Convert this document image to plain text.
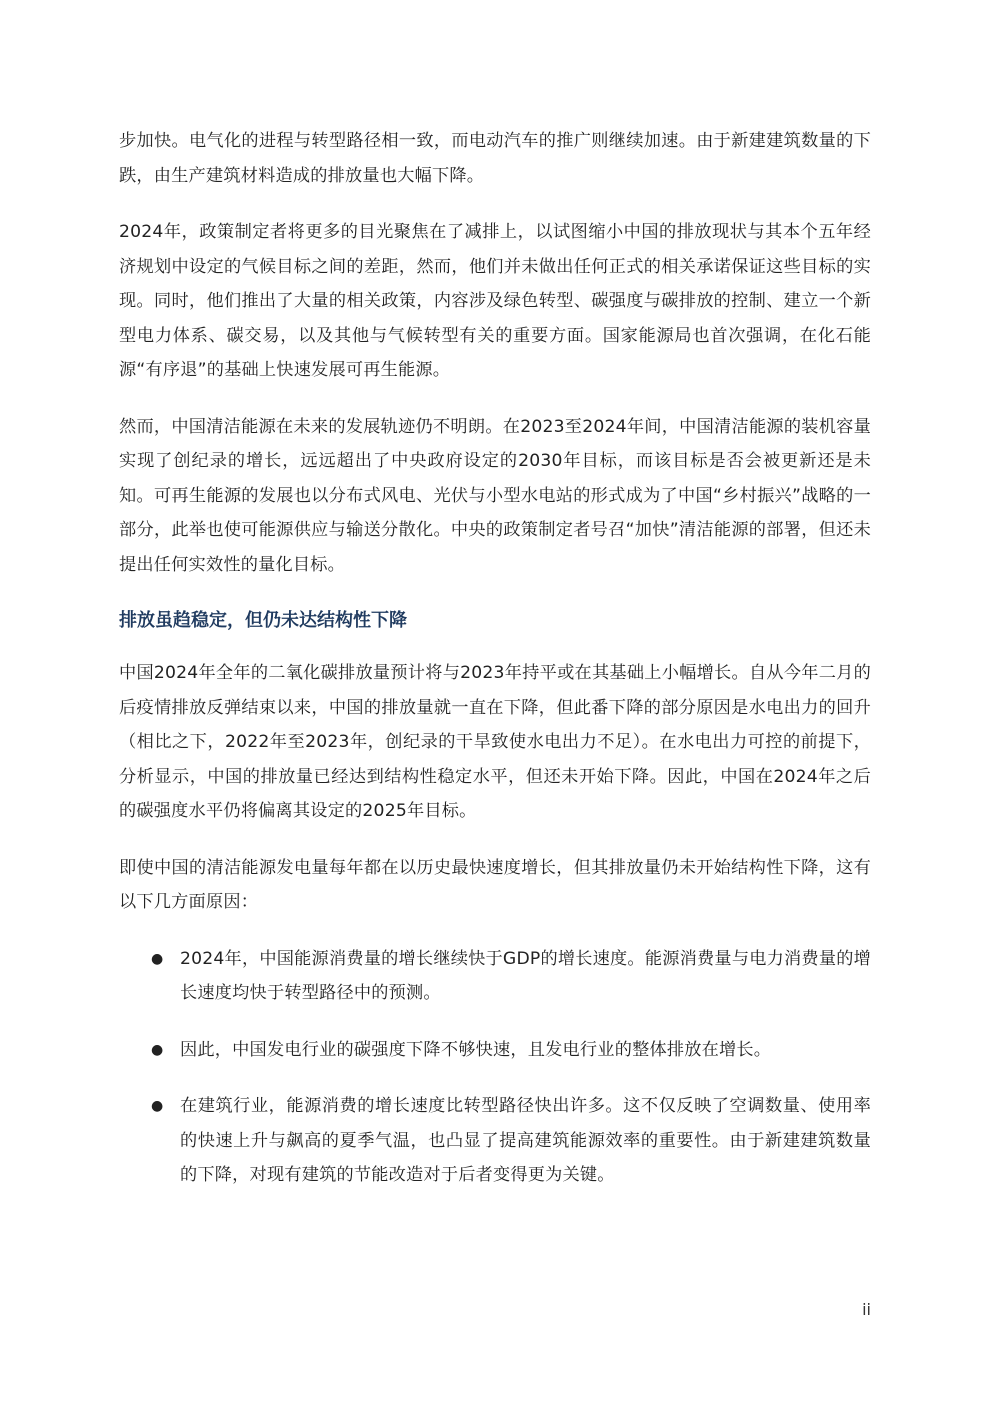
步加快。电气化的进程与转型路径相一致，而电动汽车的推广则继续加速。由于新建建筑数量的下跌，由生产建筑材料造成的排放量也大幅下降。

2024年，政策制定者将更多的目光聚焦在了减排上，以试图缩小中国的排放现状与其本个五年经济规划中设定的气候目标之间的差距，然而，他们并未做出任何正式的相关承诺保证这些目标的实现。同时，他们推出了大量的相关政策，内容涉及绿色转型、碳强度与碳排放的控制、建立一个新型电力体系、碳交易，以及其他与气候转型有关的重要方面。国家能源局也首次强调，在化石能源“有序退”的基础上快速发展可再生能源。

然而，中国清洁能源在未来的发展轨迹仍不明朗。在2023至2024年间，中国清洁能源的装机容量实现了创纪录的增长，远远超出了中央政府设定的2030年目标，而该目标是否会被更新还是未知。可再生能源的发展也以分布式风电、光伏与小型水电站的形式成为了中国“乡村振兴”战略的一部分，此举也使可能源供应与输送分散化。中央的政策制定者号召“加快”清洁能源的部署，但还未提出任何实效性的量化目标。

排放虽趋稳定，但仍未达结构性下降

中国2024年全年的二氧化碳排放量预计将与2023年持平或在其基础上小幅增长。自从今年二月的后疫情排放反弹结束以来，中国的排放量就一直在下降，但此番下降的部分原因是水电出力的回升（相比之下，2022年至2023年，创纪录的干旱致使水电出力不足）。在水电出力可控的前提下，分析显示，中国的排放量已经达到结构性稳定水平，但还未开始下降。因此，中国在2024年之后的碳强度水平仍将偏离其设定的2025年目标。

即使中国的清洁能源发电量每年都在以历史最快速度增长，但其排放量仍未开始结构性下降，这有以下几方面原因：

● 2024年，中国能源消费量的增长继续快于GDP的增长速度。能源消费量与电力消费量的增长速度均快于转型路径中的预测。
● 因此，中国发电行业的碳强度下降不够快速，且发电行业的整体排放在增长。
● 在建筑行业，能源消费的增长速度比转型路径快出许多。这不仅反映了空调数量、使用率的快速上升与飙高的夏季气温，也凸显了提高建筑能源效率的重要性。由于新建建筑数量的下降，对现有建筑的节能改造对于后者变得更为关键。
ii
